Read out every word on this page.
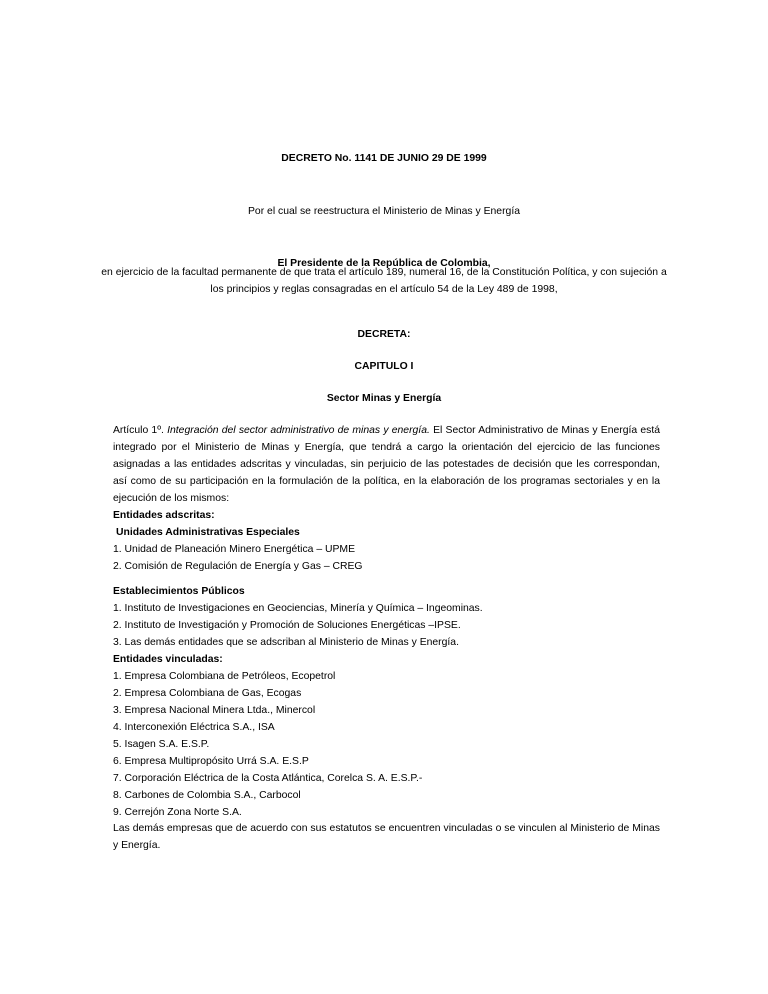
DECRETO No. 1141 DE JUNIO 29 DE 1999
Por el cual se reestructura el Ministerio de Minas y Energía
El Presidente de la República de Colombia,
en ejercicio de la facultad permanente de que trata el artículo 189, numeral 16, de la Constitución Política, y con sujeción a
los principios y reglas consagradas en el artículo 54 de la Ley 489 de 1998,
DECRETA:
CAPITULO I
Sector Minas y Energía
Artículo 1º. Integración del sector administrativo de minas y energía. El Sector Administrativo de Minas y Energía está integrado por el Ministerio de Minas y Energía, que tendrá a cargo la orientación del ejercicio de las funciones asignadas a las entidades adscritas y vinculadas, sin perjuicio de las potestades de decisión que les correspondan, así como de su participación en la formulación de la política, en la elaboración de los programas sectoriales y en la ejecución de los mismos:
Entidades adscritas:
Unidades Administrativas Especiales
1. Unidad de Planeación Minero Energética – UPME
2. Comisión de Regulación de Energía y Gas – CREG
Establecimientos Públicos
1. Instituto de Investigaciones en Geociencias, Minería y Química – Ingeominas.
2. Instituto de Investigación y Promoción de Soluciones Energéticas –IPSE.
3. Las demás entidades que se adscriban al Ministerio de Minas y Energía.
Entidades vinculadas:
1. Empresa Colombiana de Petróleos, Ecopetrol
2. Empresa Colombiana de Gas, Ecogas
3. Empresa Nacional Minera Ltda., Minercol
4. Interconexión Eléctrica S.A., ISA
5. Isagen S.A. E.S.P.
6. Empresa Multipropósito Urrá S.A. E.S.P
7. Corporación Eléctrica de la Costa Atlántica, Corelca S. A. E.S.P.-
8. Carbones de Colombia S.A., Carbocol
9. Cerrejón Zona Norte S.A.
Las demás empresas que de acuerdo con sus estatutos se encuentren vinculadas o se vinculen al Ministerio de Minas y Energía.
